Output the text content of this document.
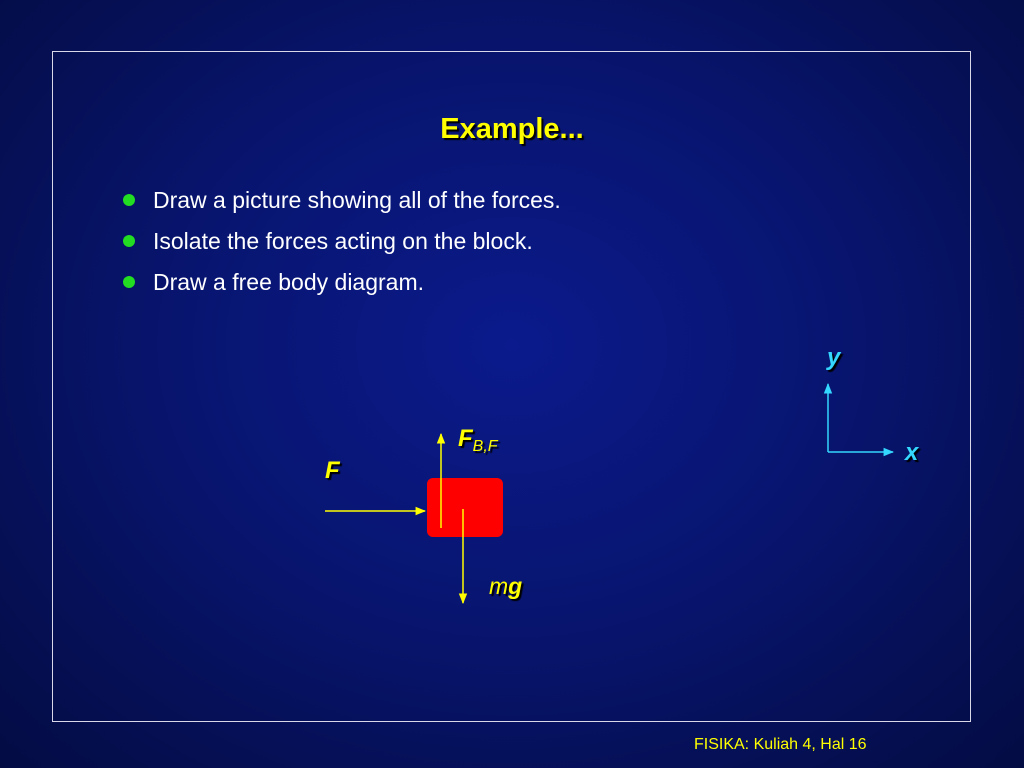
Example...
Draw a picture showing all of the forces.
Isolate the forces acting on the block.
Draw a free body diagram.
F
$F_{B,F}$
mg
y
x
FISIKA: Kuliah 4, Hal 16
